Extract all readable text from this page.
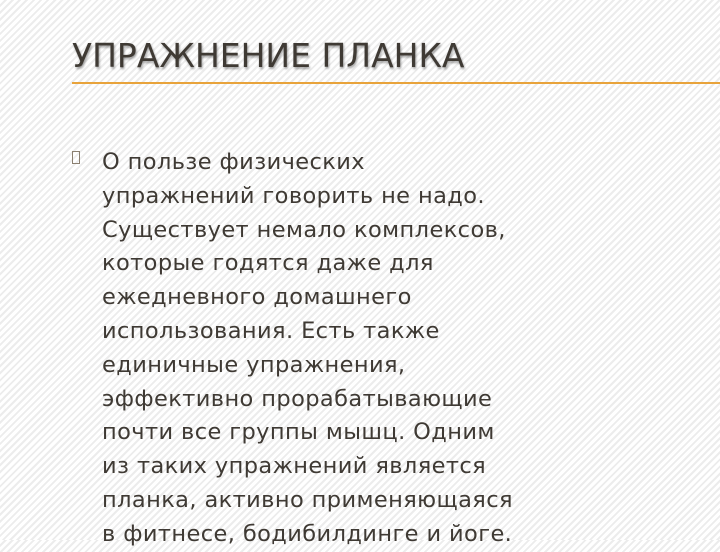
УПРАЖНЕНИЕ ПЛАНКА

О пользе физических
упражнений говорить не надо.
Существует немало комплексов,
которые годятся даже для
ежедневного домашнего
использования. Есть также
единичные упражнения,
эффективно прорабатывающие
почти все группы мышц. Одним
из таких упражнений является
планка, активно применяющаяся
в фитнесе, бодибилдинге и йоге.
